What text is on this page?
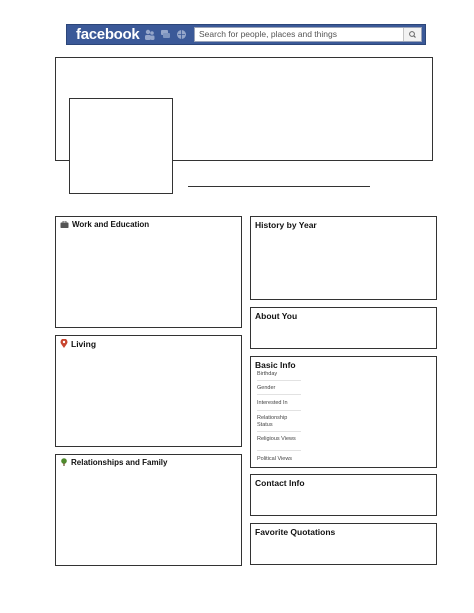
facebook	Search for people, places and things
Work and Education
Living
Relationships and Family
History by Year
About You
Basic Info
Birthday
Gender
Interested In
Relationship Status
Religious Views
Political Views
Contact Info
Favorite Quotations
